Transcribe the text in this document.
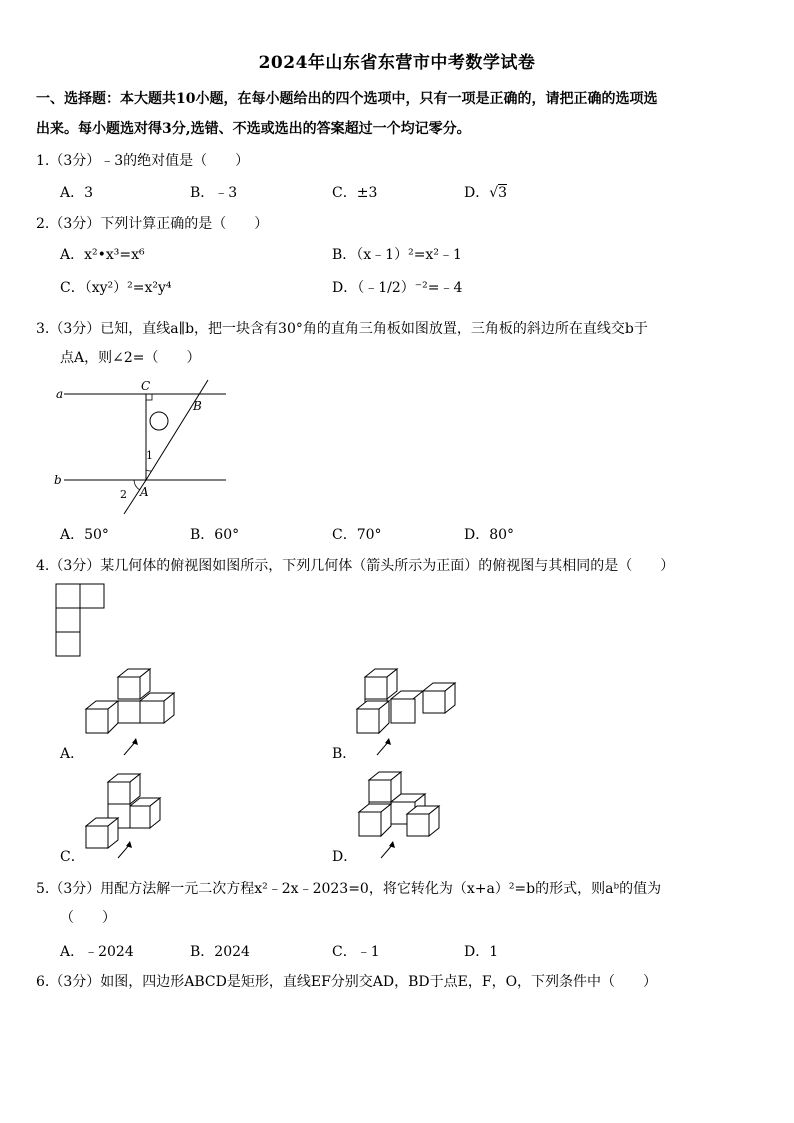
2024年山东省东营市中考数学试卷
一、选择题：本大题共10小题，在每小题给出的四个选项中，只有一项是正确的，请把正确的选项选
出来。每小题选对得3分,选错、不选或选出的答案超过一个均记零分。
1.（3分）﹣3的绝对值是（　　）
A．3	B．﹣3	C．±3	D．√3
2.（3分）下列计算正确的是（　　）
A．x²•x³=x⁶	B．（x﹣1）²=x²﹣1
C．（xy²）²=x²y⁴	D．（﹣1/2）⁻²=﹣4
3.（3分）已知，直线a∥b，把一块含有30°角的直角三角板如图放置，三角板的斜边所在直线交b于
点A，则∠2=（　　）
a
b
C
B
A
1
2
A．50°	B．60°	C．70°	D．80°
4.（3分）某几何体的俯视图如图所示，下列几何体（箭头所示为正面）的俯视图与其相同的是（　　）
A．	B．
C．	D．
5.（3分）用配方法解一元二次方程x²﹣2x﹣2023=0，将它转化为（x+a）²=b的形式，则aᵇ的值为
（　　）
A．﹣2024	B．2024	C．﹣1	D．1
6.（3分）如图，四边形ABCD是矩形，直线EF分别交AD，BD于点E，F，O，下列条件中（　　）
